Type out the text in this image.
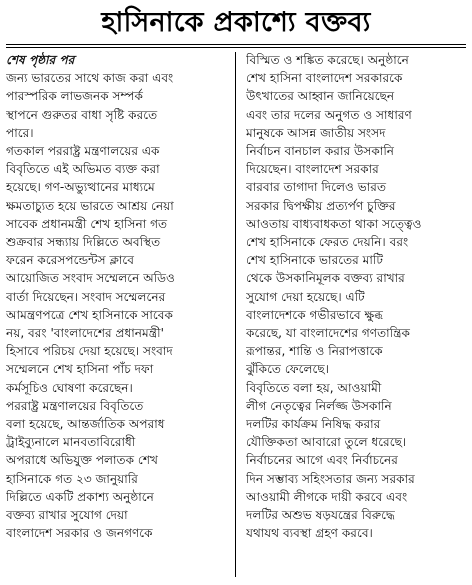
হাসিনাকে প্রকাশ্যে বক্তব্য
শেষ পৃষ্ঠার পর

জন্য ভারতের সাথে কাজ করা এবং
পারস্পরিক লাভজনক সম্পর্ক
স্থাপনে গুরুতর বাধা সৃষ্টি করতে
পারে।

গতকাল পররাষ্ট্র মন্ত্রণালয়ের এক
বিবৃতিতে এই অভিমত ব্যক্ত করা
হয়েছে। গণ-অভ্যুত্থানের মাধ্যমে
ক্ষমতাচ্যুত হয়ে ভারতে আশ্রয় নেয়া
সাবেক প্রধানমন্ত্রী শেখ হাসিনা গত
শুক্রবার সন্ধ্যায় দিল্লিতে অবস্থিত
ফরেন করেসপন্ডেন্টস ক্লাবে
আয়োজিত সংবাদ সম্মেলনে অডিও
বার্তা দিয়েছেন। সংবাদ সম্মেলনের
আমন্ত্রণপত্রে শেখ হাসিনাকে সাবেক
নয়, বরং 'বাংলাদেশের প্রধানমন্ত্রী'
হিসাবে পরিচয় দেয়া হয়েছে। সংবাদ
সম্মেলনে শেখ হাসিনা পাঁচ দফা
কর্মসূচিও ঘোষণা করেছেন।

পররাষ্ট্র মন্ত্রণালয়ের বিবৃতিতে
বলা হয়েছে, আন্তর্জাতিক অপরাধ
ট্রাইব্যুনালে মানবতাবিরোধী
অপরাধে অভিযুক্ত পলাতক শেখ
হাসিনাকে গত ২৩ জানুয়ারি
দিল্লিতে একটি প্রকাশ্য অনুষ্ঠানে
বক্তব্য রাখার সুযোগ দেয়া
বাংলাদেশ সরকার ও জনগণকে

বিস্মিত ও শঙ্কিত করেছে। অনুষ্ঠানে
শেখ হাসিনা বাংলাদেশ সরকারকে
উৎখাতের আহ্বান জানিয়েছেন
এবং তার দলের অনুগত ও সাধারণ
মানুষকে আসন্ন জাতীয় সংসদ
নির্বাচন বানচাল করার উসকানি
দিয়েছেন। বাংলাদেশ সরকার
বারবার তাগাদা দিলেও ভারত
সরকার দ্বিপক্ষীয় প্রত্যর্পণ চুক্তির
আওতায় বাধ্যবাধকতা থাকা সত্ত্বেও
শেখ হাসিনাকে ফেরত দেয়নি। বরং
শেখ হাসিনাকে ভারতের মাটি
থেকে উসকানিমূলক বক্তব্য রাখার
সুযোগ দেয়া হয়েছে। এটি
বাংলাদেশকে গভীরভাবে ক্ষুব্ধ
করেছে, যা বাংলাদেশের গণতান্ত্রিক
রূপান্তর, শান্তি ও নিরাপত্তাকে
ঝুঁকিতে ফেলেছে।

বিবৃতিতে বলা হয়, আওয়ামী
লীগ নেতৃত্বের নির্লজ্জ উসকানি
দলটির কার্যক্রম নিষিদ্ধ করার
যৌক্তিকতা আবারো তুলে ধরেছে।
নির্বাচনের আগে এবং নির্বাচনের
দিন সম্ভাব্য সহিংসতার জন্য সরকার
আওয়ামী লীগকে দায়ী করবে এবং
দলটির অশুভ ষড়যন্ত্রের বিরুদ্ধে
যথাযথ ব্যবস্থা গ্রহণ করবে।
